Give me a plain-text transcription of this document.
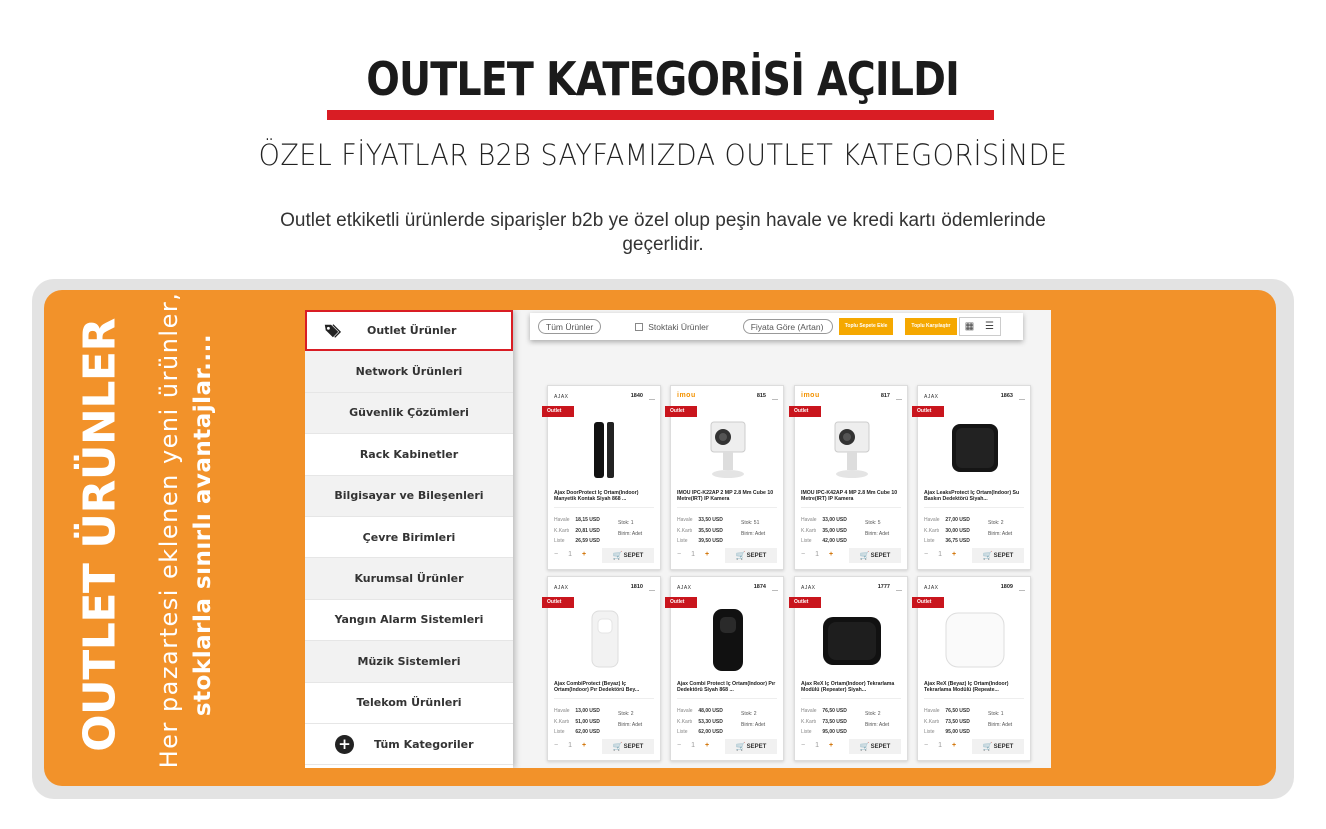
OUTLET KATEGORİSİ AÇILDI
ÖZEL FİYATLAR B2B SAYFAMIZDA OUTLET KATEGORİSİNDE
Outlet etkiketli ürünlerde siparişler b2b ye özel olup peşin havale ve kredi kartı ödemlerinde geçerlidir.
OUTLET ÜRÜNLER Her pazartesi eklenen yeni ürünler, stoklarla sınırlı avantajlar....
Outlet Ürünler
Network Ürünleri
Güvenlik Çözümleri
Rack Kabinetler
Bilgisayar ve Bileşenleri
Çevre Birimleri
Kurumsal Ürünler
Yangın Alarm Sistemleri
Müzik Sistemleri
Telekom Ürünleri
+ Tüm Kategoriler
Tüm Ürünler	Stoktaki Ürünler	Fiyata Göre (Artan)	Toplu Sepete Ekle	Toplu Karşılaştır	▦	☰
AJAX	1840
Outlet
Ajax DoorProtect İç Ortam(Indoor) Manyetik Kontak Siyah 868 ...
Havale 18,15 USD
K.Kartı 20,81 USD
Liste 26,59 USD
Stok: 1
Birim: Adet
− 1 +	🛒 SEPET
imou	815
Outlet
IMOU IPC-K22AP 2 MP 2.8 Mm Cube 10 Metre(IRT) IP Kamera
Havale 33,50 USD
K.Kartı 35,50 USD
Liste 39,50 USD
Stok: 51
Birim: Adet
− 1 +	🛒 SEPET
imou	817
Outlet
IMOU IPC-K42AP 4 MP 2.8 Mm Cube 10 Metre(IRT) IP Kamera
Havale 33,00 USD
K.Kartı 35,00 USD
Liste 42,00 USD
Stok: 5
Birim: Adet
− 1 +	🛒 SEPET
AJAX	1863
Outlet
Ajax LeaksProtect İç Ortam(Indoor) Su Baskın Dedektörü Siyah...
Havale 27,00 USD
K.Kartı 30,00 USD
Liste 36,75 USD
Stok: 2
Birim: Adet
− 1 +	🛒 SEPET
AJAX	1810
Outlet
Ajax CombiProtect (Beyaz) İç Ortam(Indoor) Pır Dedektörü Bey...
Havale 13,00 USD
K.Kartı 51,00 USD
Liste 62,00 USD
Stok: 2
Birim: Adet
− 1 +	🛒 SEPET
AJAX	1874
Outlet
Ajax Combi Protect İç Ortam(Indoor) Pır Dedektörü Siyah 868 ...
Havale 48,00 USD
K.Kartı 53,30 USD
Liste 62,00 USD
Stok: 2
Birim: Adet
− 1 +	🛒 SEPET
AJAX	1777
Outlet
Ajax ReX İç Ortam(Indoor) Tekrarlama Modülü (Repeater) Siyah...
Havale 76,50 USD
K.Kartı 73,50 USD
Liste 95,00 USD
Stok: 2
Birim: Adet
− 1 +	🛒 SEPET
AJAX	1809
Outlet
Ajax ReX (Beyaz) İç Ortam(Indoor) Tekrarlama Modülü (Repeate...
Havale 76,50 USD
K.Kartı 73,50 USD
Liste 95,00 USD
Stok: 1
Birim: Adet
− 1 +	🛒 SEPET
